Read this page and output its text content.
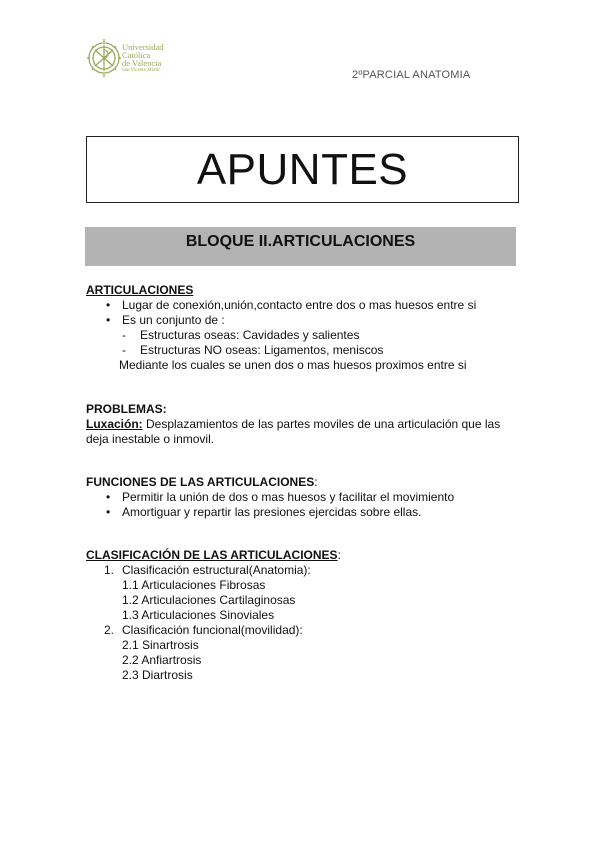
Universidad
Católica
de Valencia
San Vicente Mártir	2ºPARCIAL ANATOMIA
APUNTES
BLOQUE II.ARTICULACIONES
ARTICULACIONES
• Lugar de conexión,unión,contacto entre dos o mas huesos entre si
• Es un conjunto de :
- Estructuras oseas: Cavidades y salientes
- Estructuras NO oseas: Ligamentos, meniscos
Mediante los cuales se unen dos o mas huesos proximos entre si
PROBLEMAS:
Luxación: Desplazamientos de las partes moviles de una articulación que las
deja inestable o inmovil.
FUNCIONES DE LAS ARTICULACIONES:
• Permitir la unión de dos o mas huesos y facilitar el movimiento
• Amortiguar y repartir las presiones ejercidas sobre ellas.
CLASIFICACIÓN DE LAS ARTICULACIONES:
1. Clasificación estructural(Anatomia):
1.1 Articulaciones Fibrosas
1.2 Articulaciones Cartilaginosas
1.3 Articulaciones Sinoviales
2. Clasificación funcional(movilidad):
2.1 Sinartrosis
2.2 Anfiartrosis
2.3 Diartrosis
